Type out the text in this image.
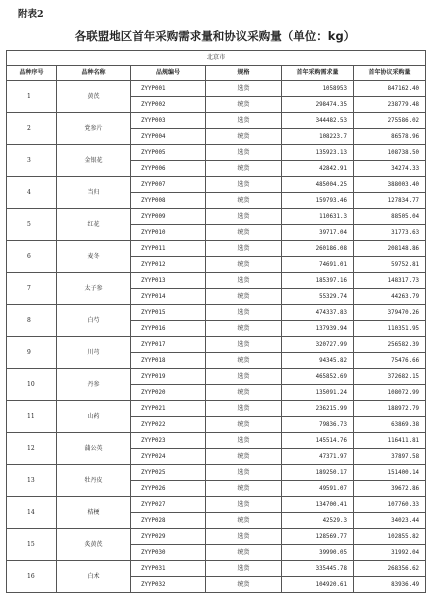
附表2
各联盟地区首年采购需求量和协议采购量（单位：kg）
北京市					
品种序号	品种名称	品规编号	规格	首年采购需求量	首年协议采购量
1	黄芪	ZYYP001	选货	1058953	847162.40
		ZYYP002	统货	298474.35	238779.48
2	党参片	ZYYP003	选货	344482.53	275586.02
		ZYYP004	统货	108223.7	86578.96
3	金银花	ZYYP005	选货	135923.13	108738.50
		ZYYP006	统货	42842.91	34274.33
4	当归	ZYYP007	选货	485004.25	388003.40
		ZYYP008	统货	159793.46	127834.77
5	红花	ZYYP009	选货	110631.3	88505.04
		ZYYP010	统货	39717.04	31773.63
6	麦冬	ZYYP011	选货	260186.08	208148.86
		ZYYP012	统货	74691.01	59752.81
7	太子参	ZYYP013	选货	185397.16	148317.73
		ZYYP014	统货	55329.74	44263.79
8	白芍	ZYYP015	选货	474337.83	379470.26
		ZYYP016	统货	137939.94	110351.95
9	川芎	ZYYP017	选货	320727.99	256582.39
		ZYYP018	统货	94345.82	75476.66
10	丹参	ZYYP019	选货	465852.69	372682.15
		ZYYP020	统货	135091.24	108072.99
11	山药	ZYYP021	选货	236215.99	188972.79
		ZYYP022	统货	79836.73	63869.38
12	蒲公英	ZYYP023	选货	145514.76	116411.81
		ZYYP024	统货	47371.97	37897.58
13	牡丹皮	ZYYP025	选货	189250.17	151400.14
		ZYYP026	统货	49591.07	39672.86
14	桔梗	ZYYP027	选货	134700.41	107760.33
		ZYYP028	统货	42529.3	34023.44
15	炙黄芪	ZYYP029	选货	128569.77	102855.82
		ZYYP030	统货	39990.05	31992.04
16	白术	ZYYP031	选货	335445.78	268356.62
		ZYYP032	统货	104920.61	83936.49
